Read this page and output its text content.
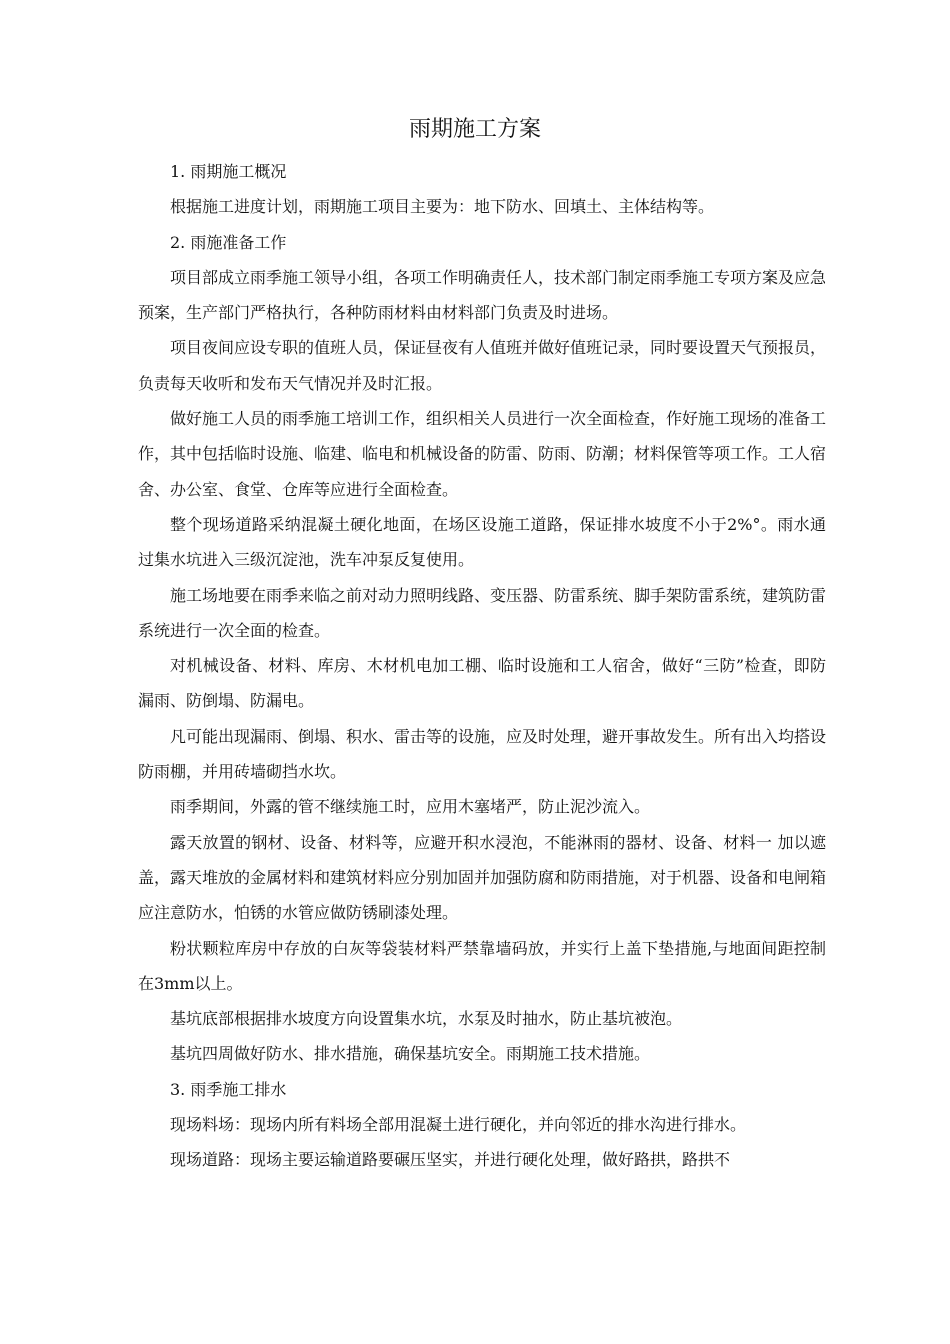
雨期施工方案

1. 雨期施工概况

根据施工进度计划，雨期施工项目主要为：地下防水、回填土、主体结构等。

2. 雨施准备工作

项目部成立雨季施工领导小组，各项工作明确责任人，技术部门制定雨季施工专项方案及应急预案，生产部门严格执行，各种防雨材料由材料部门负责及时进场。

项目夜间应设专职的值班人员，保证昼夜有人值班并做好值班记录，同时要设置天气预报员，负责每天收听和发布天气情况并及时汇报。

做好施工人员的雨季施工培训工作，组织相关人员进行一次全面检查，作好施工现场的准备工作，其中包括临时设施、临建、临电和机械设备的防雷、防雨、防潮；材料保管等项工作。工人宿舍、办公室、食堂、仓库等应进行全面检查。

整个现场道路采纳混凝土硬化地面，在场区设施工道路，保证排水坡度不小于2%°。雨水通过集水坑进入三级沉淀池，洗车冲泵反复使用。

施工场地要在雨季来临之前对动力照明线路、变压器、防雷系统、脚手架防雷系统，建筑防雷系统进行一次全面的检查。

对机械设备、材料、库房、木材机电加工棚、临时设施和工人宿舍，做好“三防”检查，即防漏雨、防倒塌、防漏电。

凡可能出现漏雨、倒塌、积水、雷击等的设施，应及时处理，避开事故发生。所有出入均搭设防雨棚，并用砖墙砌挡水坎。

雨季期间，外露的管不继续施工时，应用木塞堵严，防止泥沙流入。

露天放置的钢材、设备、材料等，应避开积水浸泡，不能淋雨的器材、设备、材料一 加以遮盖，露天堆放的金属材料和建筑材料应分别加固并加强防腐和防雨措施，对于机器、设备和电闸箱应注意防水，怕锈的水管应做防锈刷漆处理。

粉状颗粒库房中存放的白灰等袋装材料严禁靠墙码放，并实行上盖下垫措施,与地面间距控制在3mm以上。

基坑底部根据排水坡度方向设置集水坑，水泵及时抽水，防止基坑被泡。

基坑四周做好防水、排水措施，确保基坑安全。雨期施工技术措施。

3. 雨季施工排水

现场料场：现场内所有料场全部用混凝土进行硬化，并向邻近的排水沟进行排水。

现场道路：现场主要运输道路要碾压坚实，并进行硬化处理，做好路拱，路拱不
